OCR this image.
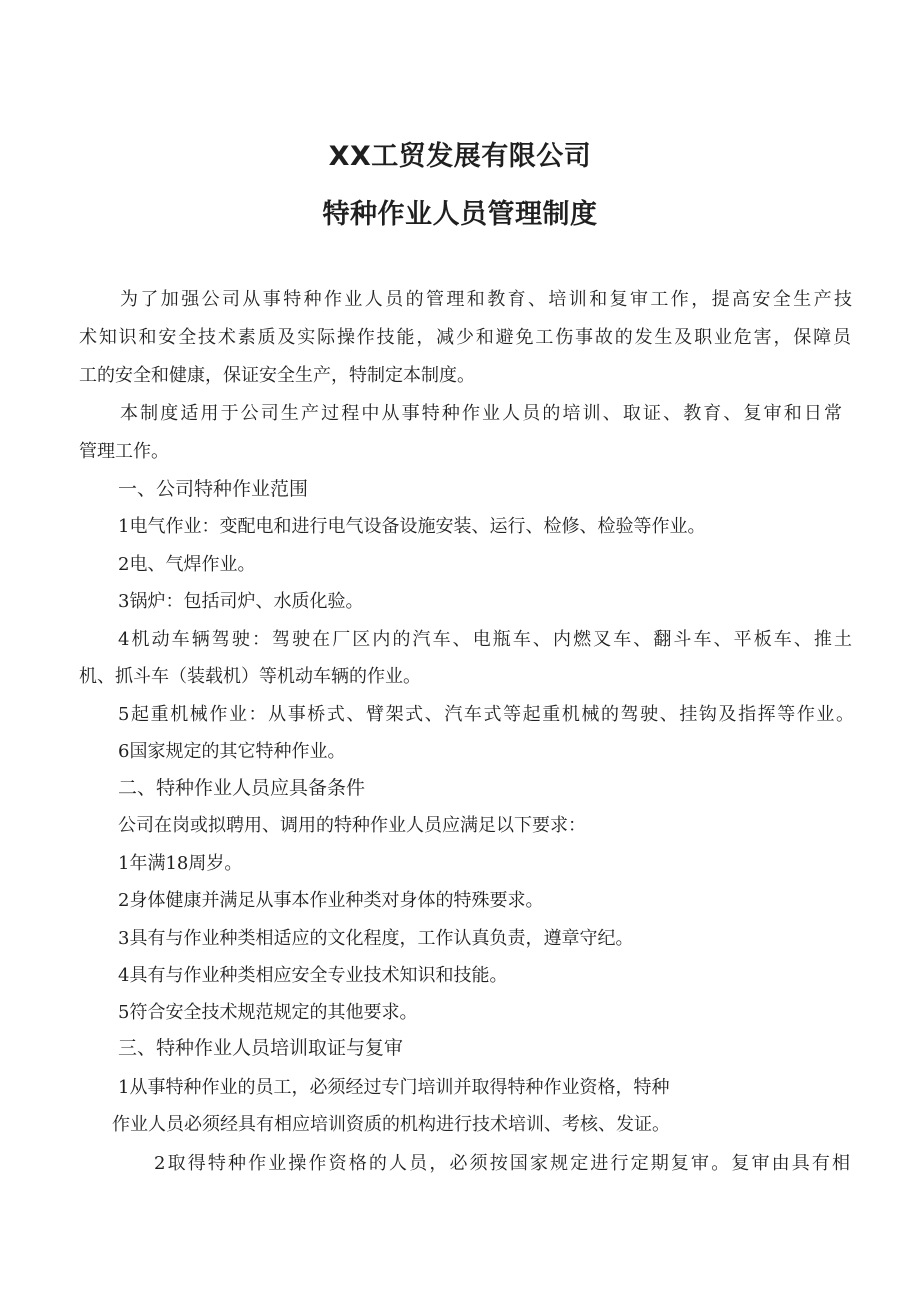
XX工贸发展有限公司
特种作业人员管理制度

为了加强公司从事特种作业人员的管理和教育、培训和复审工作，提高安全生产技

术知识和安全技术素质及实际操作技能，减少和避免工伤事故的发生及职业危害，保障员

工的安全和健康，保证安全生产，特制定本制度。

本制度适用于公司生产过程中从事特种作业人员的培训、取证、教育、复审和日常

管理工作。

一、公司特种作业范围

1电气作业：变配电和进行电气设备设施安装、运行、检修、检验等作业。

2电、气焊作业。

3锅炉：包括司炉、水质化验。

4机动车辆驾驶：驾驶在厂区内的汽车、电瓶车、内燃叉车、翻斗车、平板车、推土

机、抓斗车（装载机）等机动车辆的作业。

5起重机械作业：从事桥式、臂架式、汽车式等起重机械的驾驶、挂钩及指挥等作业。

6国家规定的其它特种作业。

二、特种作业人员应具备条件

公司在岗或拟聘用、调用的特种作业人员应满足以下要求：

1年满18周岁。

2身体健康并满足从事本作业种类对身体的特殊要求。

3具有与作业种类相适应的文化程度，工作认真负责，遵章守纪。

4具有与作业种类相应安全专业技术知识和技能。

5符合安全技术规范规定的其他要求。

三、特种作业人员培训取证与复审

1从事特种作业的员工，必须经过专门培训并取得特种作业资格，特种

作业人员必须经具有相应培训资质的机构进行技术培训、考核、发证。

2取得特种作业操作资格的人员，必须按国家规定进行定期复审。复审由具有相
